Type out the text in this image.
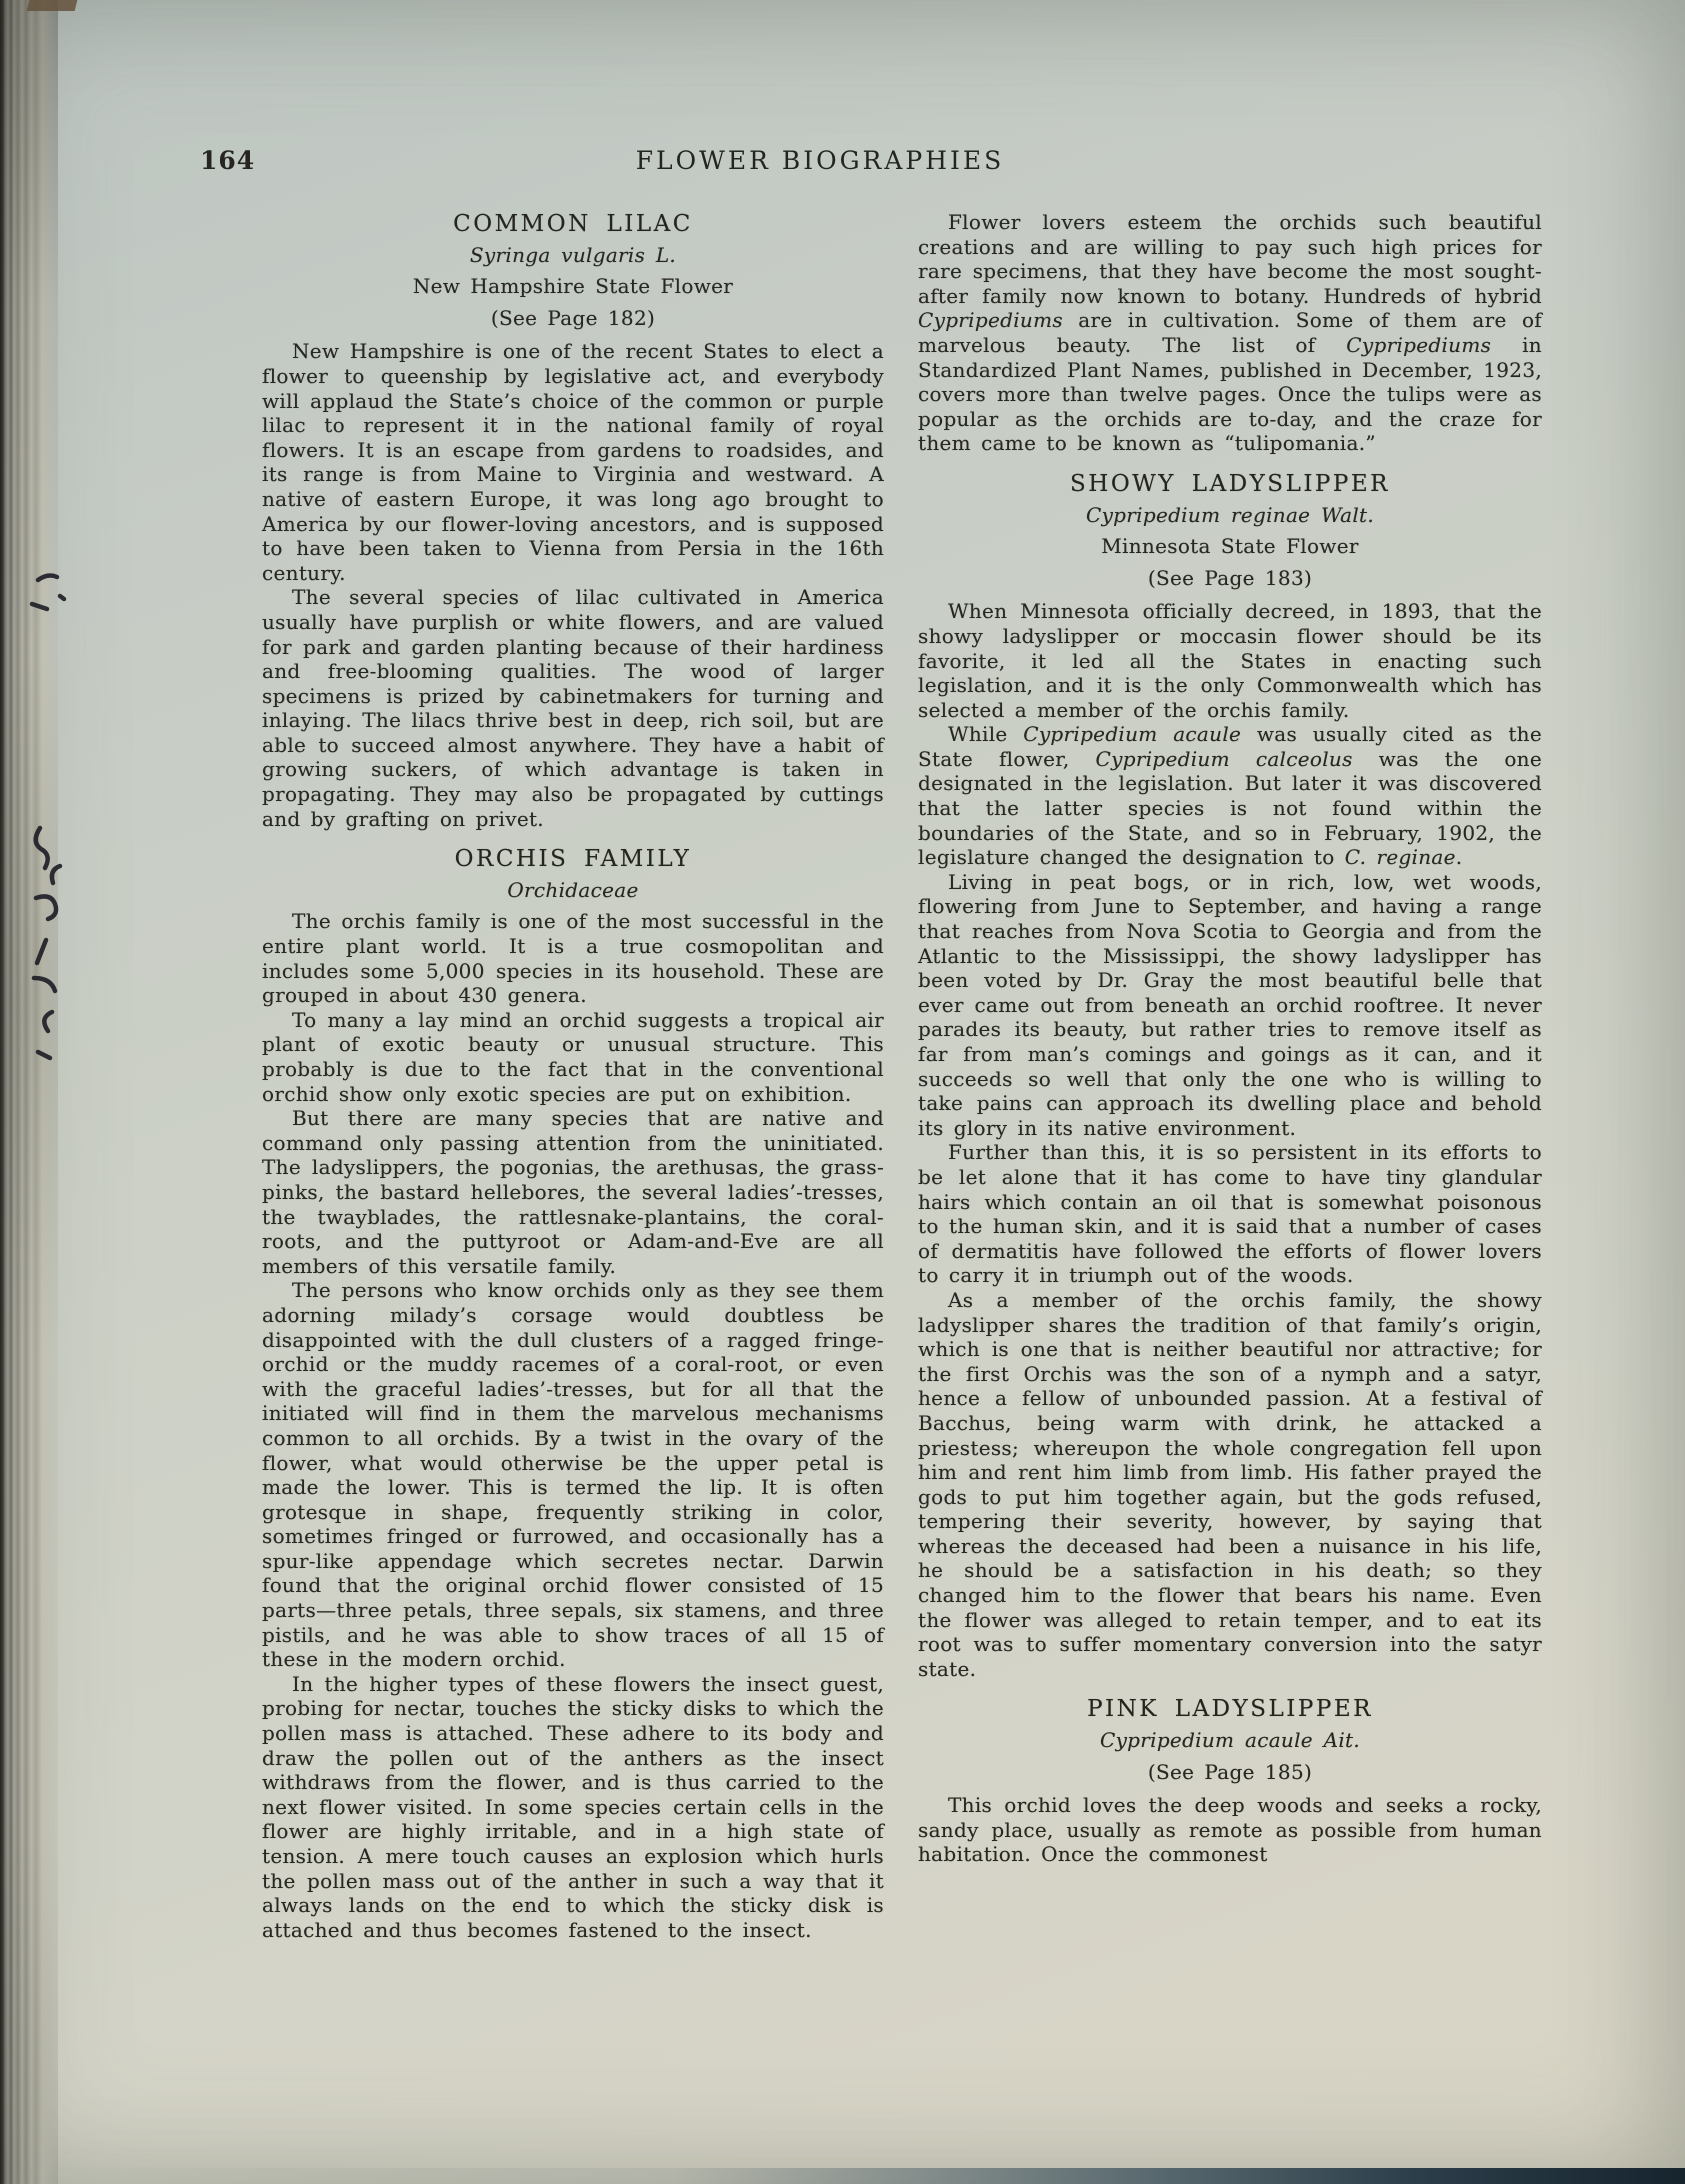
164	FLOWER BIOGRAPHIES

COMMON LILAC

Syringa vulgaris L.

New Hampshire State Flower

(See Page 182)

New Hampshire is one of the recent States to elect a flower to queenship by legislative act, and everybody will applaud the State’s choice of the common or purple lilac to represent it in the national family of royal flowers. It is an escape from gardens to roadsides, and its range is from Maine to Virginia and westward. A native of eastern Europe, it was long ago brought to America by our flower-loving ancestors, and is supposed to have been taken to Vienna from Persia in the 16th century.

The several species of lilac cultivated in America usually have purplish or white flowers, and are valued for park and garden planting because of their hardiness and free-blooming qualities. The wood of larger specimens is prized by cabinetmakers for turning and inlaying. The lilacs thrive best in deep, rich soil, but are able to succeed almost anywhere. They have a habit of growing suckers, of which advantage is taken in propagating. They may also be propagated by cuttings and by grafting on privet.

ORCHIS FAMILY

Orchidaceae

The orchis family is one of the most successful in the entire plant world. It is a true cosmopolitan and includes some 5,000 species in its household. These are grouped in about 430 genera.

To many a lay mind an orchid suggests a tropical air plant of exotic beauty or unusual structure. This probably is due to the fact that in the conventional orchid show only exotic species are put on exhibition.

But there are many species that are native and command only passing attention from the uninitiated. The ladyslippers, the pogonias, the arethusas, the grass-pinks, the bastard hellebores, the several ladies’-tresses, the twayblades, the rattlesnake-plantains, the coral-roots, and the puttyroot or Adam-and-Eve are all members of this versatile family.

The persons who know orchids only as they see them adorning milady’s corsage would doubtless be disappointed with the dull clusters of a ragged fringe-orchid or the muddy racemes of a coral-root, or even with the graceful ladies’-tresses, but for all that the initiated will find in them the marvelous mechanisms common to all orchids. By a twist in the ovary of the flower, what would otherwise be the upper petal is made the lower. This is termed the lip. It is often grotesque in shape, frequently striking in color, sometimes fringed or furrowed, and occasionally has a spur-like appendage which secretes nectar. Darwin found that the original orchid flower consisted of 15 parts—three petals, three sepals, six stamens, and three pistils, and he was able to show traces of all 15 of these in the modern orchid.

In the higher types of these flowers the insect guest, probing for nectar, touches the sticky disks to which the pollen mass is attached. These adhere to its body and draw the pollen out of the anthers as the insect withdraws from the flower, and is thus carried to the next flower visited. In some species certain cells in the flower are highly irritable, and in a high state of tension. A mere touch causes an explosion which hurls the pollen mass out of the anther in such a way that it always lands on the end to which the sticky disk is attached and thus becomes fastened to the insect.

Flower lovers esteem the orchids such beautiful creations and are willing to pay such high prices for rare specimens, that they have become the most sought-after family now known to botany. Hundreds of hybrid Cypripediums are in cultivation. Some of them are of marvelous beauty. The list of Cypripediums in Standardized Plant Names, published in December, 1923, covers more than twelve pages. Once the tulips were as popular as the orchids are to-day, and the craze for them came to be known as “tulipomania.”

SHOWY LADYSLIPPER

Cypripedium reginae Walt.

Minnesota State Flower

(See Page 183)

When Minnesota officially decreed, in 1893, that the showy ladyslipper or moccasin flower should be its favorite, it led all the States in enacting such legislation, and it is the only Commonwealth which has selected a member of the orchis family.

While Cypripedium acaule was usually cited as the State flower, Cypripedium calceolus was the one designated in the legislation. But later it was discovered that the latter species is not found within the boundaries of the State, and so in February, 1902, the legislature changed the designation to C. reginae.

Living in peat bogs, or in rich, low, wet woods, flowering from June to September, and having a range that reaches from Nova Scotia to Georgia and from the Atlantic to the Mississippi, the showy ladyslipper has been voted by Dr. Gray the most beautiful belle that ever came out from beneath an orchid rooftree. It never parades its beauty, but rather tries to remove itself as far from man’s comings and goings as it can, and it succeeds so well that only the one who is willing to take pains can approach its dwelling place and behold its glory in its native environment.

Further than this, it is so persistent in its efforts to be let alone that it has come to have tiny glandular hairs which contain an oil that is somewhat poisonous to the human skin, and it is said that a number of cases of dermatitis have followed the efforts of flower lovers to carry it in triumph out of the woods.

As a member of the orchis family, the showy ladyslipper shares the tradition of that family’s origin, which is one that is neither beautiful nor attractive; for the first Orchis was the son of a nymph and a satyr, hence a fellow of unbounded passion. At a festival of Bacchus, being warm with drink, he attacked a priestess; whereupon the whole congregation fell upon him and rent him limb from limb. His father prayed the gods to put him together again, but the gods refused, tempering their severity, however, by saying that whereas the deceased had been a nuisance in his life, he should be a satisfaction in his death; so they changed him to the flower that bears his name. Even the flower was alleged to retain temper, and to eat its root was to suffer momentary conversion into the satyr state.

PINK LADYSLIPPER

Cypripedium acaule Ait.

(See Page 185)

This orchid loves the deep woods and seeks a rocky, sandy place, usually as remote as possible from human habitation. Once the commonest
